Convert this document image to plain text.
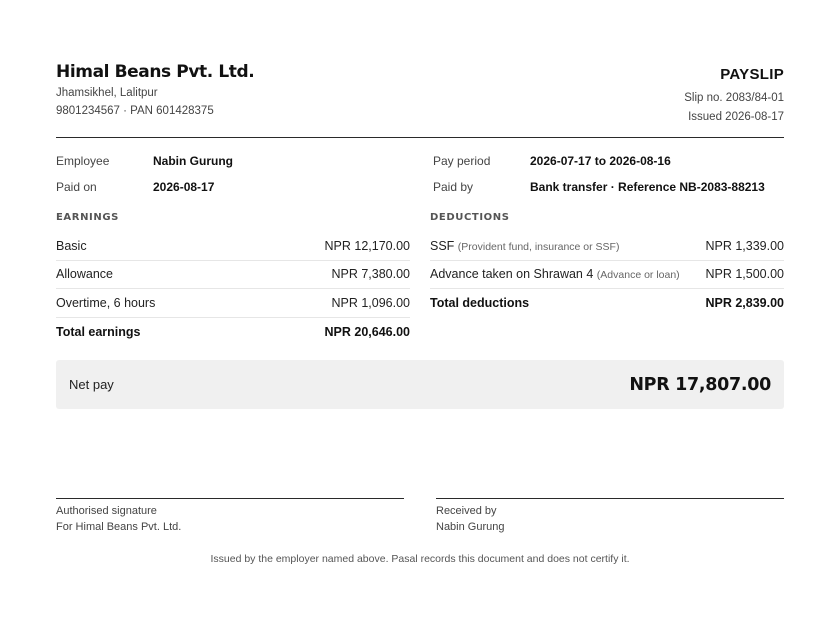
Himal Beans Pvt. Ltd.
Jhamsikhel, Lalitpur
9801234567 · PAN 601428375
PAYSLIP
Slip no. 2083/84-01
Issued 2026-08-17
Employee	Nabin Gurung
Paid on	2026-08-17
Pay period	2026-07-17 to 2026-08-16
Paid by	Bank transfer · Reference NB-2083-88213
EARNINGS	DEDUCTIONS
Basic	NPR 12,170.00
Allowance	NPR 7,380.00
Overtime, 6 hours	NPR 1,096.00
Total earnings	NPR 20,646.00
SSF (Provident fund, insurance or SSF)	NPR 1,339.00
Advance taken on Shrawan 4 (Advance or loan) NPR 1,500.00
Total deductions	NPR 2,839.00
Net pay	NPR 17,807.00
Authorised signature
For Himal Beans Pvt. Ltd.
Received by
Nabin Gurung
Issued by the employer named above. Pasal records this document and does not certify it.
